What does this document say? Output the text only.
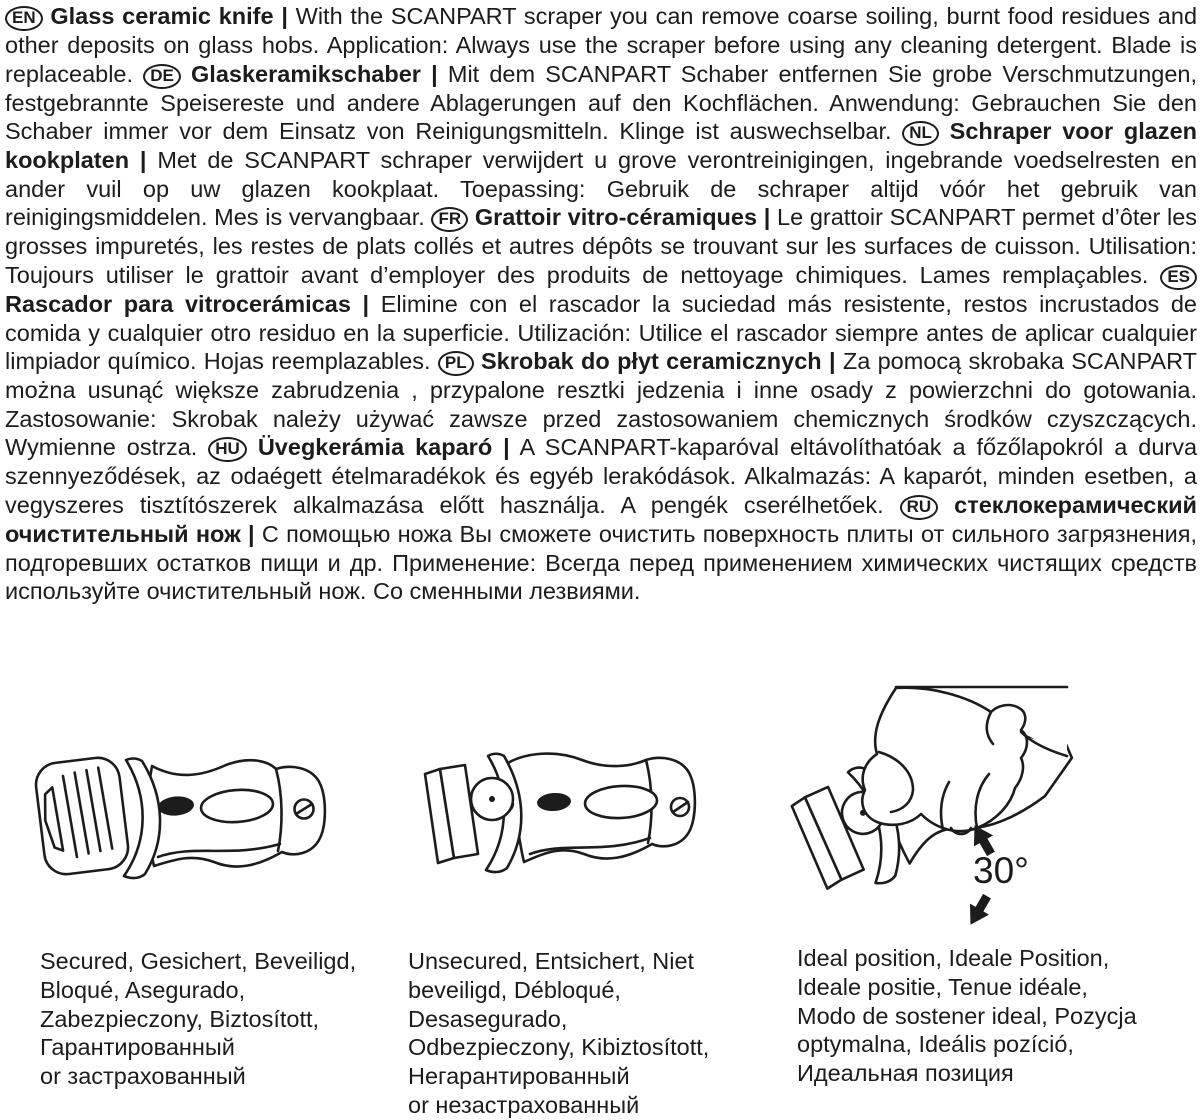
EN Glass ceramic knife | With the SCANPART scraper you can remove coarse soiling, burnt food residues and other deposits on glass hobs. Application: Always use the scraper before using any cleaning detergent. Blade is replaceable. DE Glaskeramikschaber | Mit dem SCANPART Schaber entfernen Sie grobe Verschmutzungen, festgebrannte Speisereste und andere Ablagerungen auf den Kochflächen. Anwendung: Gebrauchen Sie den Schaber immer vor dem Einsatz von Reinigungsmitteln. Klinge ist auswechselbar. NL Schraper voor glazen kookplaten | Met de SCANPART schraper verwijdert u grove verontreinigingen, ingebrande voedselresten en ander vuil op uw glazen kookplaat. Toepassing: Gebruik de schraper altijd vóór het gebruik van reinigingsmiddelen. Mes is vervangbaar. FR Grattoir vitro-céramiques | Le grattoir SCANPART permet d’ôter les grosses impuretés, les restes de plats collés et autres dépôts se trouvant sur les surfaces de cuisson. Utilisation: Toujours utiliser le grattoir avant d’employer des produits de nettoyage chimiques. Lames remplaçables. ES Rascador para vitrocerámicas | Elimine con el rascador la suciedad más resistente, restos incrustados de comida y cualquier otro residuo en la superficie. Utilización: Utilice el rascador siempre antes de aplicar cualquier limpiador químico. Hojas reemplazables. PL Skrobak do płyt ceramicznych | Za pomocą skrobaka SCANPART można usunąć większe zabrudzenia , przypalone resztki jedzenia i inne osady z powierzchni do gotowania. Zastosowanie: Skrobak należy używać zawsze przed zastosowaniem chemicznych środków czyszczących. Wymienne ostrza. HU Üvegkerámia kaparó | A SCANPART-kaparóval eltávolíthatóak a főzőlapokról a durva szennyeződések, az odaégett ételmaradékok és egyéb lerakódások. Alkalmazás: A kaparót, minden esetben, a vegyszeres tisztítószerek alkalmazása előtt használja. A pengék cserélhetőek. RU стеклокерамический очистительный нож | С помощью ножа Вы сможете очистить поверхность плиты от сильного загрязнения, подгоревших остатков пищи и др. Применение: Всегда перед применением химических чистящих средств используйте очистительный нож. Со сменными лезвиями.

30°
Secured, Gesichert, Beveiligd,
Bloqué, Asegurado,
Zabezpieczony, Biztosított,
Гарантированный
or застрахованный
Unsecured, Entsichert, Niet
beveiligd, Débloqué,
Desasegurado,
Odbezpieczony, Kibiztosított,
Негарантированный
or незастрахованный
Ideal position, Ideale Position,
Ideale positie, Tenue idéale,
Modo de sostener ideal, Pozycja
optymalna, Ideális pozíció,
Идеальная позиция
